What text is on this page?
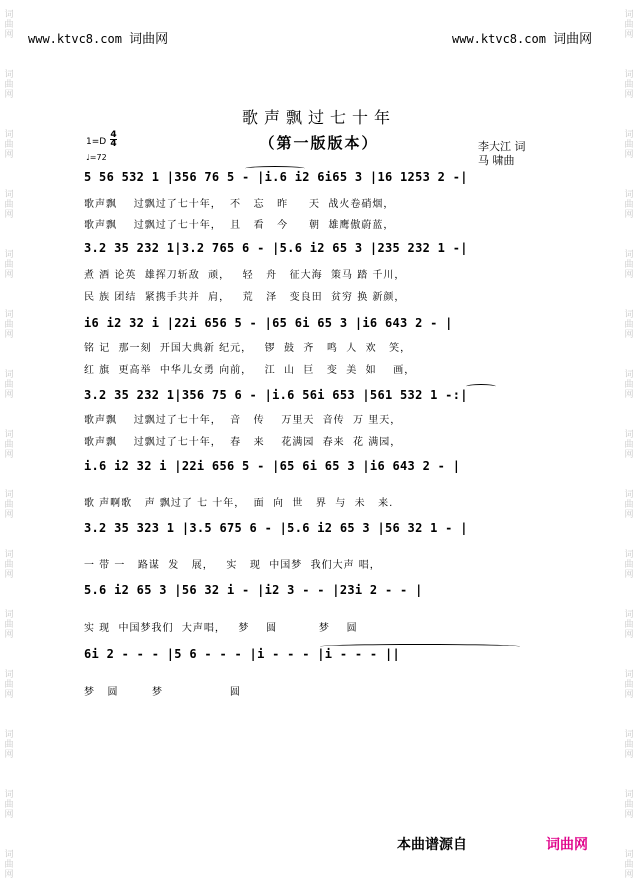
词
曲
网
词
曲
网
词
曲
网
词
曲
网
词
曲
网
词
曲
网
词
曲
网
词
曲
网
词
曲
网
词
曲
网
词
曲
网
词
曲
网
词
曲
网
词
曲
网
词
曲
网
词
曲
网
词
曲
网
词
曲
网
词
曲
网
词
曲
网
词
曲
网
词
曲
网
词
曲
网
词
曲
网
词
曲
网
词
曲
网
词
曲
网
词
曲
网
词
曲
网
词
曲
网
www.ktvc8.com 词曲网	www.ktvc8.com 词曲网
歌声飘过七十年
（第一版版本）	李大江 词
马 啸曲
1=D
4
4
♩=72
5 56 532 1 |356 76 5 - |i.6 i2 6i65 3 |16 1253 2 -|
歌声飘    过飘过了七十年，  不   忘   昨     天  战火卷硝烟，
歌声飘    过飘过了七十年，  且   看   今     朝  雄鹰傲蔚蓝，
3.2 35 232 1|3.2 765 6 - |5.6 i2 65 3 |235 232 1 -|
煮 酒 论英  雄挥刀斩敌  顽，   轻   舟   征大海  策马 踏 千川，
民 族 团结  紧携手共并  肩，   荒   泽   变良田  贫穷 换 新颜，
i6 i2 32 i |22i 656 5 - |65 6i 65 3 |i6 643 2 - |
铭 记  那一刻  开国大典新 纪元，   锣  鼓  齐   鸣  人  欢   笑，
红 旗  更高举  中华儿女勇 向前，   江  山  巨   变  美  如    画，
3.2 35 232 1|356 75 6 - |i.6 56i 653 |561 532 1 -:|
歌声飘    过飘过了七十年，  音   传    万里天  音传  万 里天，
歌声飘    过飘过了七十年，  春   来    花满园  春来  花 满园，
i.6 i2 32 i |22i 656 5 - |65 6i 65 3 |i6 643 2 - |
歌 声啊歌   声 飘过了 七 十年，  面  向  世   界  与  未   来.
3.2 35 323 1 |3.5 675 6 - |5.6 i2 65 3 |56 32 1 - |
一 带 一   路谋  发   展，   实   现  中国梦  我们大声 唱，
5.6 i2 65 3 |56 32 i - |i2 3 - - |23i 2 - - |
实 现  中国梦我们  大声唱，   梦    圆          梦    圆
6i 2 - - - |5 6 - - - |i - - - |i - - - ||
梦   圆        梦                圆
本曲谱源自	词曲网
